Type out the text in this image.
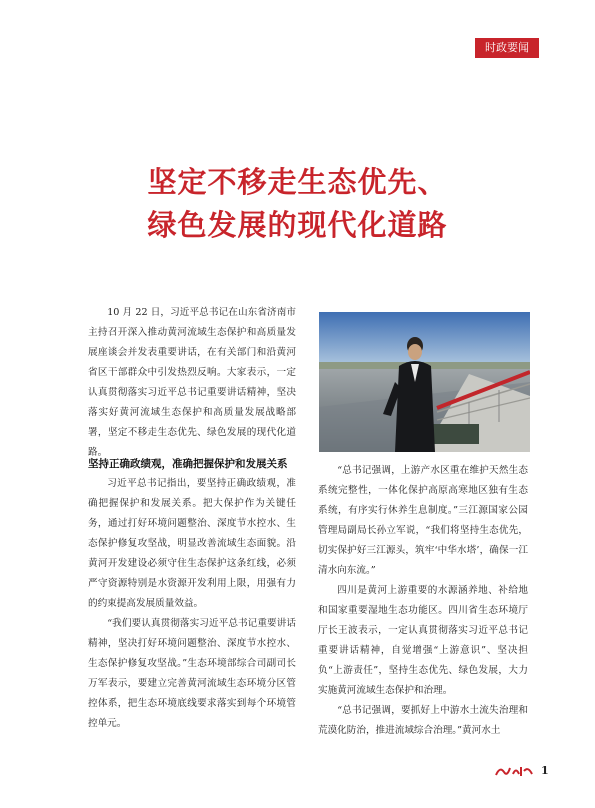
时政要闻
坚定不移走生态优先、
绿色发展的现代化道路

10 月 22 日，习近平总书记在山东省济南市主持召开深入推动黄河流域生态保护和高质量发展座谈会并发表重要讲话，在有关部门和沿黄河省区干部群众中引发热烈反响。大家表示，一定认真贯彻落实习近平总书记重要讲话精神，坚决落实好黄河流域生态保护和高质量发展战略部署，坚定不移走生态优先、绿色发展的现代化道路。

坚持正确政绩观，准确把握保护和发展关系

习近平总书记指出，要坚持正确政绩观，准确把握保护和发展关系。把大保护作为关键任务，通过打好环境问题整治、深度节水控水、生态保护修复攻坚战，明显改善流域生态面貌。沿黄河开发建设必须守住生态保护这条红线，必须严守资源特别是水资源开发利用上限，用强有力的约束提高发展质量效益。

“我们要认真贯彻落实习近平总书记重要讲话精神，坚决打好环境问题整治、深度节水控水、生态保护修复攻坚战。”生态环境部综合司副司长万军表示，要建立完善黄河流域生态环境分区管控体系，把生态环境底线要求落实到每个环境管控单元。

“总书记强调，上游产水区重在维护天然生态系统完整性，一体化保护高原高寒地区独有生态系统，有序实行休养生息制度。”三江源国家公园管理局副局长孙立军说，“我们将坚持生态优先，切实保护好三江源头，筑牢‘中华水塔’，确保一江清水向东流。”

四川是黄河上游重要的水源涵养地、补给地和国家重要湿地生态功能区。四川省生态环境厅厅长王波表示，一定认真贯彻落实习近平总书记重要讲话精神，自觉增强“上游意识”、坚决担负“上游责任”，坚持生态优先、绿色发展，大力实施黄河流域生态保护和治理。

“总书记强调，要抓好上中游水土流失治理和荒漠化防治，推进流域综合治理。”黄河水土

1
